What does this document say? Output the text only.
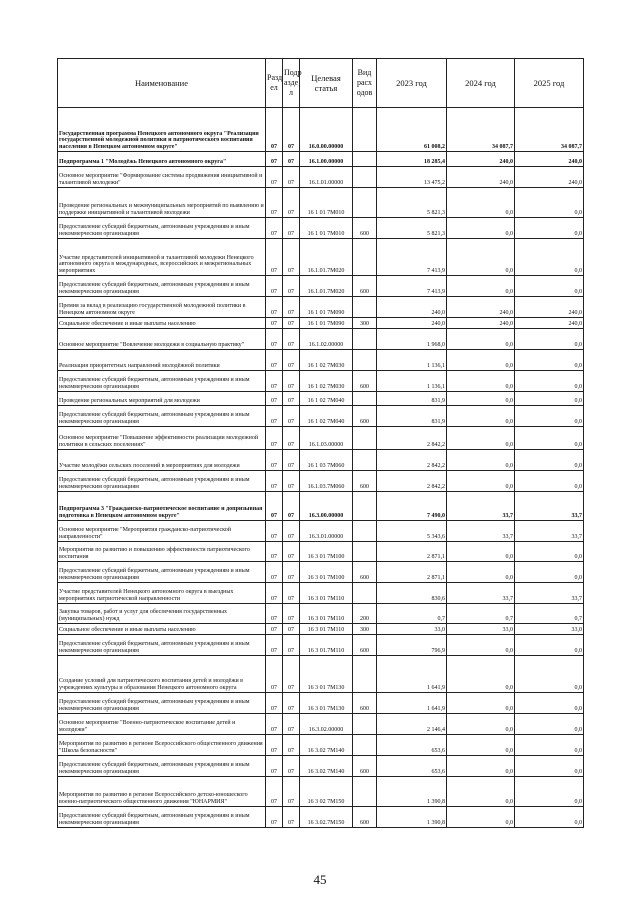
Наименование	Разд ел	Подр азде л	Целевая статья	Вид расх одов	2023 год	2024 год	2025 год
Государственная программа Ненецкого автономного округа "Реализация государственной молодежной политики и патриотического воспитания населения в Ненецком автономном округе"	07	07	16.0.00.00000		61 008,2	34 087,7	34 087,7
Подпрограмма 1 "Молодёжь Ненецкого автономного округа"	07	07	16.1.00.00000		18 285,4	240,0	240,0
Основное мероприятие "Формирование системы продвижения инициативной и талантливой молодежи"	07	07	16.1.01.00000		13 475,2	240,0	240,0
Проведение региональных и межмуниципальных мероприятий по выявлению и поддержке инициативной и талантливой молодежи	07	07	16 1 01 7М010		5 821,3	0,0	0,0
Предоставление субсидий бюджетным, автономным учреждениям и иным некоммерческим организациям	07	07	16 1 01 7М010	600	5 821,3	0,0	0,0
Участие представителей инициативной и талантливой молодежи Ненецкого автономного округа в международных, всероссийских и межрегиональных мероприятиях	07	07	16.1.01.7М020		7 413,9	0,0	0,0
Предоставление субсидий бюджетным, автономным учреждениям и иным некоммерческим организациям	07	07	16.1.01.7М020	600	7 413,9	0,0	0,0
Премия за вклад в реализацию государственной молодежной политики в Ненецком автономном округе	07	07	16 1 01 7М090		240,0	240,0	240,0
Социальное обеспечение и иные выплаты населению	07	07	16 1 01 7М090	300	240,0	240,0	240,0
Основное мероприятие "Вовлечение молодежи в социальную практику"	07	07	16.1.02.00000		1 968,0	0,0	0,0
Реализация приоритетных направлений молодёжной политики	07	07	16 1 02 7М030		1 136,1	0,0	0,0
Предоставление субсидий бюджетным, автономным учреждениям и иным некоммерческим организациям	07	07	16 1 02 7М030	600	1 136,1	0,0	0,0
Проведение региональных мероприятий для молодежи	07	07	16 1 02 7М040		831,9	0,0	0,0
Предоставление субсидий бюджетным, автономным учреждениям и иным некоммерческим организациям	07	07	16 1 02 7М040	600	831,9	0,0	0,0
Основное мероприятие "Повышение эффективности реализации молодежной политики в сельских поселениях"	07	07	16.1.03.00000		2 842,2	0,0	0,0
Участие молодёжи сельских поселений в мероприятиях для молодежи	07	07	16 1 03 7М060		2 842,2	0,0	0,0
Предоставление субсидий бюджетным, автономным учреждениям и иным некоммерческим организациям	07	07	16.1.03.7М060	600	2 842,2	0,0	0,0
Подпрограмма 3 "Гражданско-патриотическое воспитание и допризывная подготовка в Ненецком автономном округе"	07	07	16.3.00.00000		7 490,0	33,7	33,7
Основное мероприятие "Мероприятия гражданско-патриотической направленности"	07	07	16.3.01.00000		5 343,6	33,7	33,7
Мероприятия по развитию и повышению эффективности патриотического воспитания	07	07	16 3 01 7М100		2 871,1	0,0	0,0
Предоставление субсидий бюджетным, автономным учреждениям и иным некоммерческим организациям	07	07	16 3 01 7М100	600	2 871,1	0,0	0,0
Участие представителей Ненецкого автономного округа в выездных мероприятиях патриотической направленности	07	07	16 3 01 7М110		830,6	33,7	33,7
Закупка товаров, работ и услуг для обеспечения государственных (муниципальных) нужд	07	07	16 3 01 7М110	200	0,7	0,7	0,7
Социальное обеспечение и иные выплаты населению	07	07	16 3 01 7М110	300	33,0	33,0	33,0
Предоставление субсидий бюджетным, автономным учреждениям и иным некоммерческим организациям	07	07	16 3 01.7М110	600	796,9	0,0	0,0
Создание условий для патриотического воспитания детей и молодёжи в учреждениях культуры и образования Ненецкого автономного округа	07	07	16 3 01 7М130		1 641,9	0,0	0,0
Предоставление субсидий бюджетным, автономным учреждениям и иным некоммерческим организациям	07	07	16 3 01 7М130	600	1 641,9	0,0	0,0
Основное мероприятие "Военно-патриотическое воспитание детей и молодежи"	07	07	16.3.02.00000		2 146,4	0,0	0,0
Мероприятия по развитию в регионе Всероссийского общественного движения "Школа безопасности"	07	07	16 3.02 7М140		653,6	0,0	0,0
Предоставление субсидий бюджетным, автономным учреждениям и иным некоммерческим организациям	07	07	16 3.02 7М140	600	653,6	0,0	0,0
Мероприятия по развитию в регионе Всероссийского детско-юношеского военно-патриотического общественного движения "ЮНАРМИЯ"	07	07	16 3 02 7М150		1 390,8	0,0	0,0
Предоставление субсидий бюджетным, автономным учреждениям и иным некоммерческим организациям	07	07	16 3.02.7М150	600	1 390,8	0,0	0,0
45
